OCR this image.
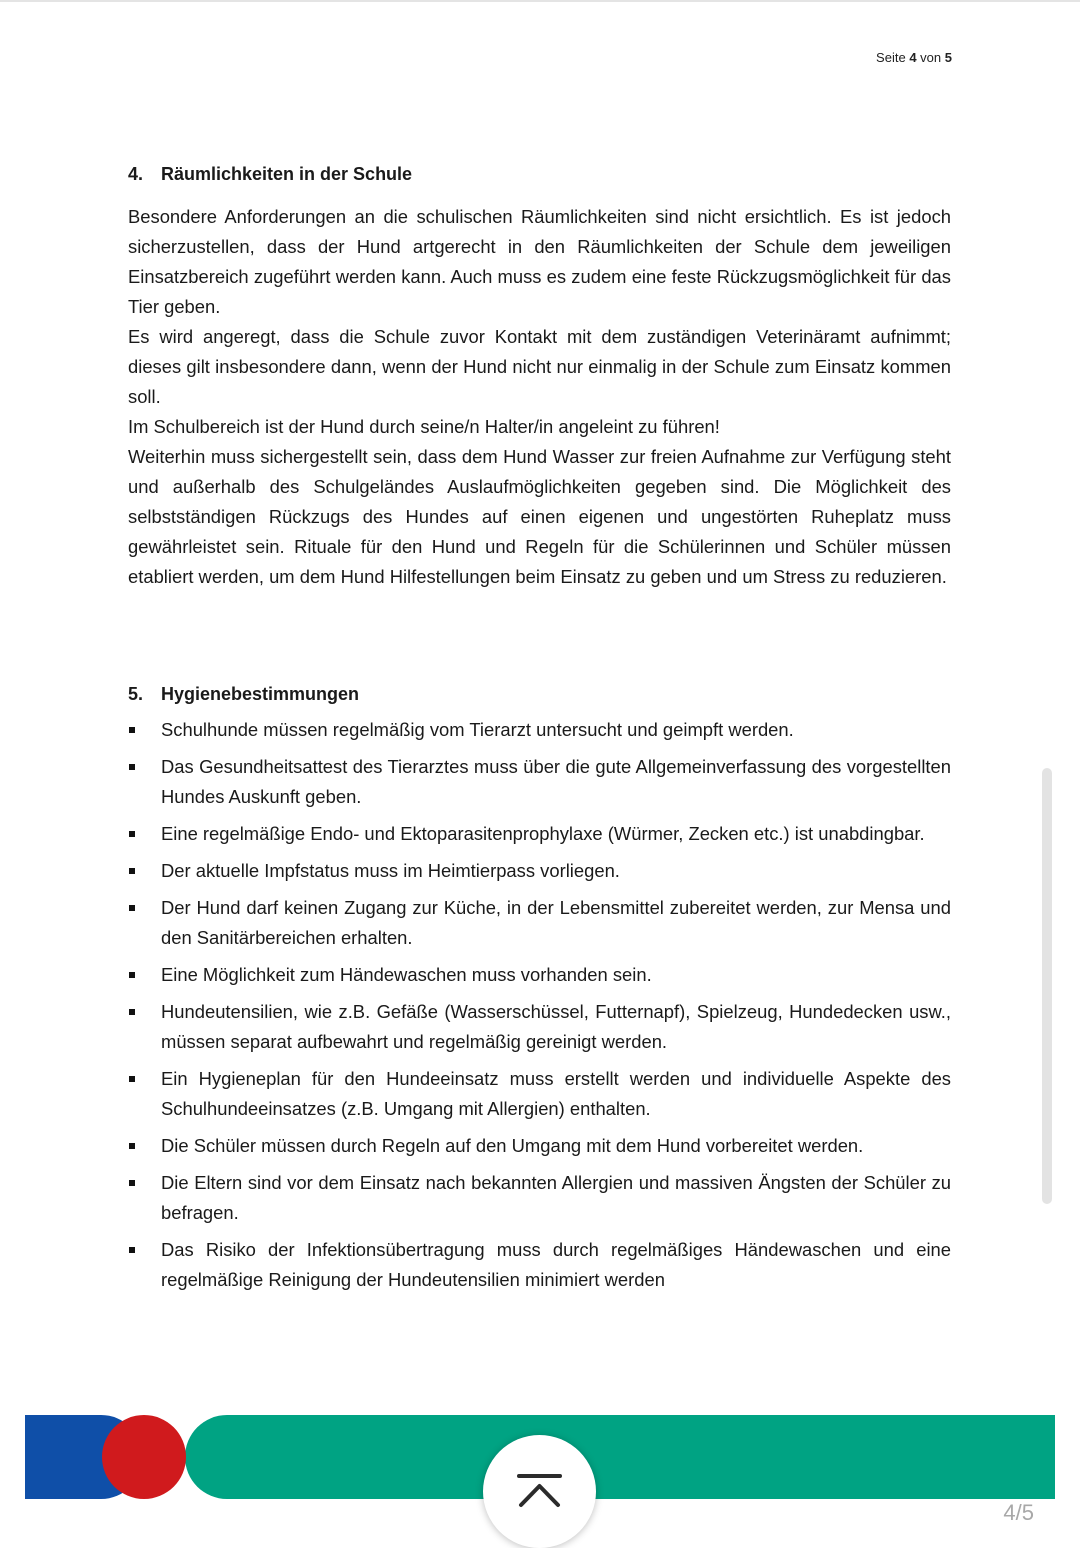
Seite 4 von 5
4. Räumlichkeiten in der Schule

Besondere Anforderungen an die schulischen Räumlichkeiten sind nicht ersichtlich. Es ist jedoch sicherzustellen, dass der Hund artgerecht in den Räumlichkeiten der Schule dem jeweiligen Einsatzbereich zugeführt werden kann. Auch muss es zudem eine feste Rückzugsmöglichkeit für das Tier geben.

Es wird angeregt, dass die Schule zuvor Kontakt mit dem zuständigen Veterinäramt aufnimmt; dieses gilt insbesondere dann, wenn der Hund nicht nur einmalig in der Schule zum Einsatz kommen soll.

Im Schulbereich ist der Hund durch seine/n Halter/in angeleint zu führen!

Weiterhin muss sichergestellt sein, dass dem Hund Wasser zur freien Aufnahme zur Verfügung steht und außerhalb des Schulgeländes Auslaufmöglichkeiten gegeben sind. Die Möglichkeit des selbstständigen Rückzugs des Hundes auf einen eigenen und ungestörten Ruheplatz muss gewährleistet sein. Rituale für den Hund und Regeln für die Schülerinnen und Schüler müssen etabliert werden, um dem Hund Hilfestellungen beim Einsatz zu geben und um Stress zu reduzieren.

5. Hygienebestimmungen
Schulhunde müssen regelmäßig vom Tierarzt untersucht und geimpft werden.
Das Gesundheitsattest des Tierarztes muss über die gute Allgemeinverfassung des vorgestellten Hundes Auskunft geben.
Eine regelmäßige Endo- und Ektoparasitenprophylaxe (Würmer, Zecken etc.) ist unabdingbar.
Der aktuelle Impfstatus muss im Heimtierpass vorliegen.
Der Hund darf keinen Zugang zur Küche, in der Lebensmittel zubereitet werden, zur Mensa und den Sanitärbereichen erhalten.
Eine Möglichkeit zum Händewaschen muss vorhanden sein.
Hundeutensilien, wie z.B. Gefäße (Wasserschüssel, Futternapf), Spielzeug, Hundedecken usw., müssen separat aufbewahrt und regelmäßig gereinigt werden.
Ein Hygieneplan für den Hundeeinsatz muss erstellt werden und individuelle Aspekte des Schulhundeeinsatzes (z.B. Umgang mit Allergien) enthalten.
Die Schüler müssen durch Regeln auf den Umgang mit dem Hund vorbereitet werden.
Die Eltern sind vor dem Einsatz nach bekannten Allergien und massiven Ängsten der Schüler zu befragen.
Das Risiko der Infektionsübertragung muss durch regelmäßiges Händewaschen und eine regelmäßige Reinigung der Hundeutensilien minimiert werden
4/5
